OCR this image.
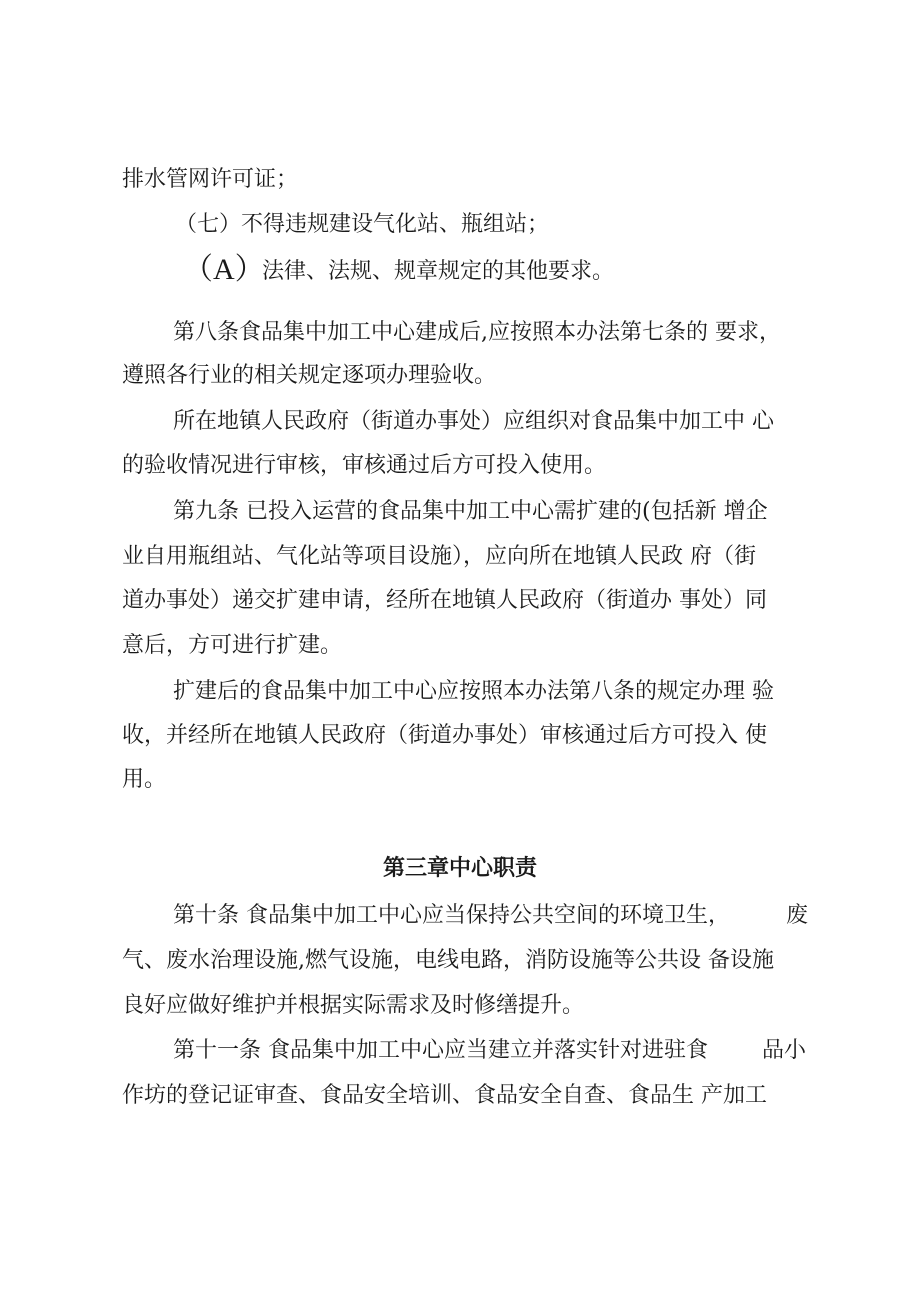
排水管网许可证；
（七）不得违规建设气化站、瓶组站；
（A）
法律、法规、规章规定的其他要求。
第八条食品集中加工中心建成后,应按照本办法第七条的 要求，
遵照各行业的相关规定逐项办理验收。
所在地镇人民政府（街道办事处）应组织对食品集中加工中 心
的验收情况进行审核，审核通过后方可投入使用。
第九条 已投入运营的食品集中加工中心需扩建的(包括新 增企
业自用瓶组站、气化站等项目设施），应向所在地镇人民政 府（街
道办事处）递交扩建申请，经所在地镇人民政府（街道办 事处）同
意后，方可进行扩建。
扩建后的食品集中加工中心应按照本办法第八条的规定办理 验
收，并经所在地镇人民政府（街道办事处）审核通过后方可投入 使
用。
第三章中心职责
第十条 食品集中加工中心应当保持公共空间的环境卫生，	废
气、废水治理设施,燃气设施，电线电路，消防设施等公共设 备设施
良好应做好维护并根据实际需求及时修缮提升。
第十一条 食品集中加工中心应当建立并落实针对进驻食 品小
作坊的登记证审查、食品安全培训、食品安全自查、食品生 产加工
